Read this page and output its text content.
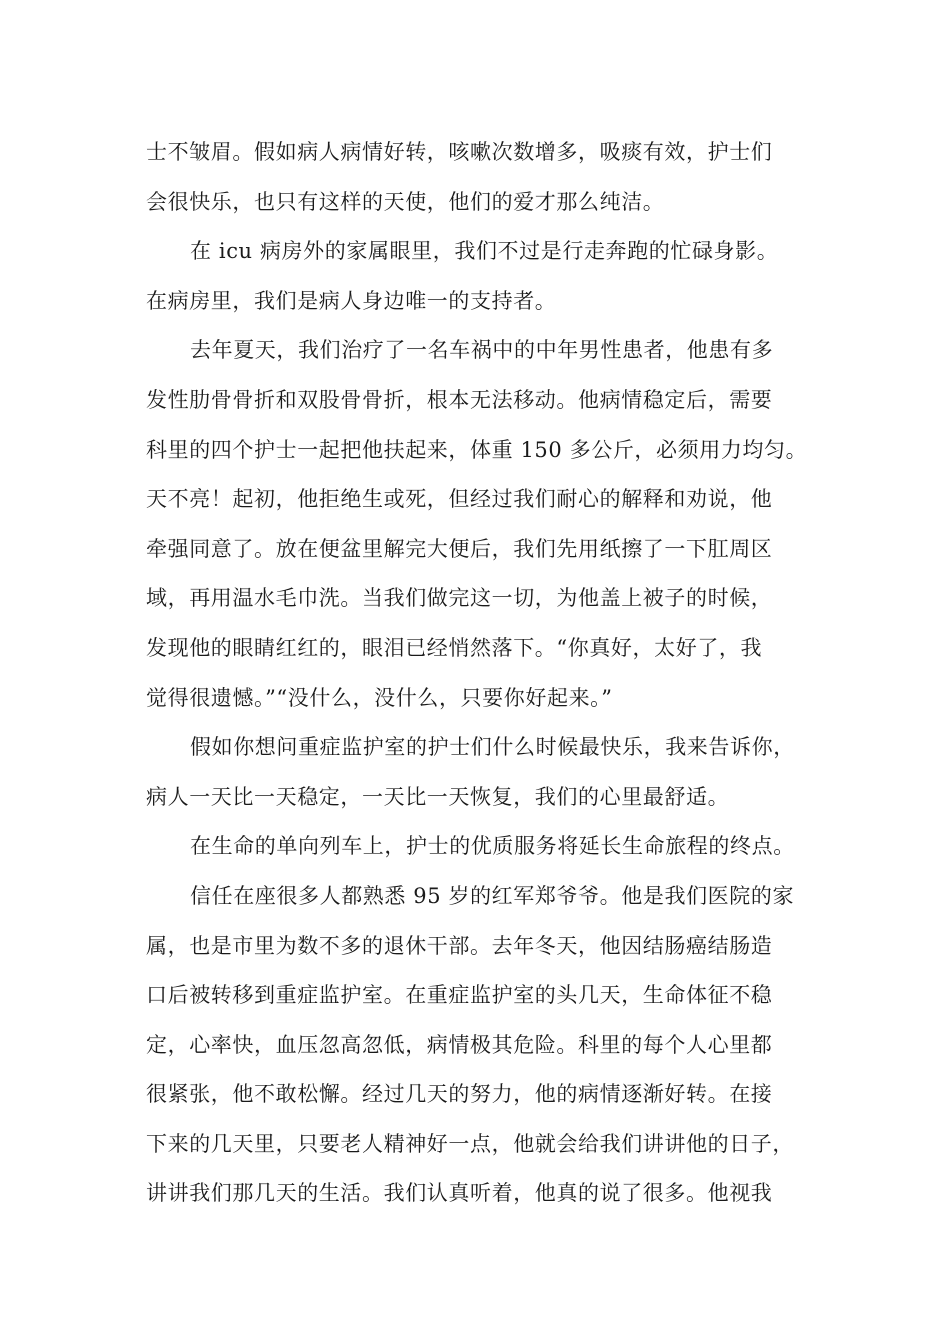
士不皱眉。假如病人病情好转，咳嗽次数增多，吸痰有效，护士们
会很快乐，也只有这样的天使，他们的爱才那么纯洁。
在 icu 病房外的家属眼里，我们不过是行走奔跑的忙碌身影。
在病房里，我们是病人身边唯一的支持者。
去年夏天，我们治疗了一名车祸中的中年男性患者，他患有多
发性肋骨骨折和双股骨骨折，根本无法移动。他病情稳定后，需要
科里的四个护士一起把他扶起来，体重 150 多公斤，必须用力均匀。
天不亮！起初，他拒绝生或死，但经过我们耐心的解释和劝说，他
牵强同意了。放在便盆里解完大便后，我们先用纸擦了一下肛周区
域，再用温水毛巾洗。当我们做完这一切，为他盖上被子的时候，
发现他的眼睛红红的，眼泪已经悄然落下。“你真好，太好了，我
觉得很遗憾。”“没什么，没什么，只要你好起来。”
假如你想问重症监护室的护士们什么时候最快乐，我来告诉你，
病人一天比一天稳定，一天比一天恢复，我们的心里最舒适。
在生命的单向列车上，护士的优质服务将延长生命旅程的终点。
信任在座很多人都熟悉 95 岁的红军郑爷爷。他是我们医院的家
属，也是市里为数不多的退休干部。去年冬天，他因结肠癌结肠造
口后被转移到重症监护室。在重症监护室的头几天，生命体征不稳
定，心率快，血压忽高忽低，病情极其危险。科里的每个人心里都
很紧张，他不敢松懈。经过几天的努力，他的病情逐渐好转。在接
下来的几天里，只要老人精神好一点，他就会给我们讲讲他的日子，
讲讲我们那几天的生活。我们认真听着，他真的说了很多。他视我
